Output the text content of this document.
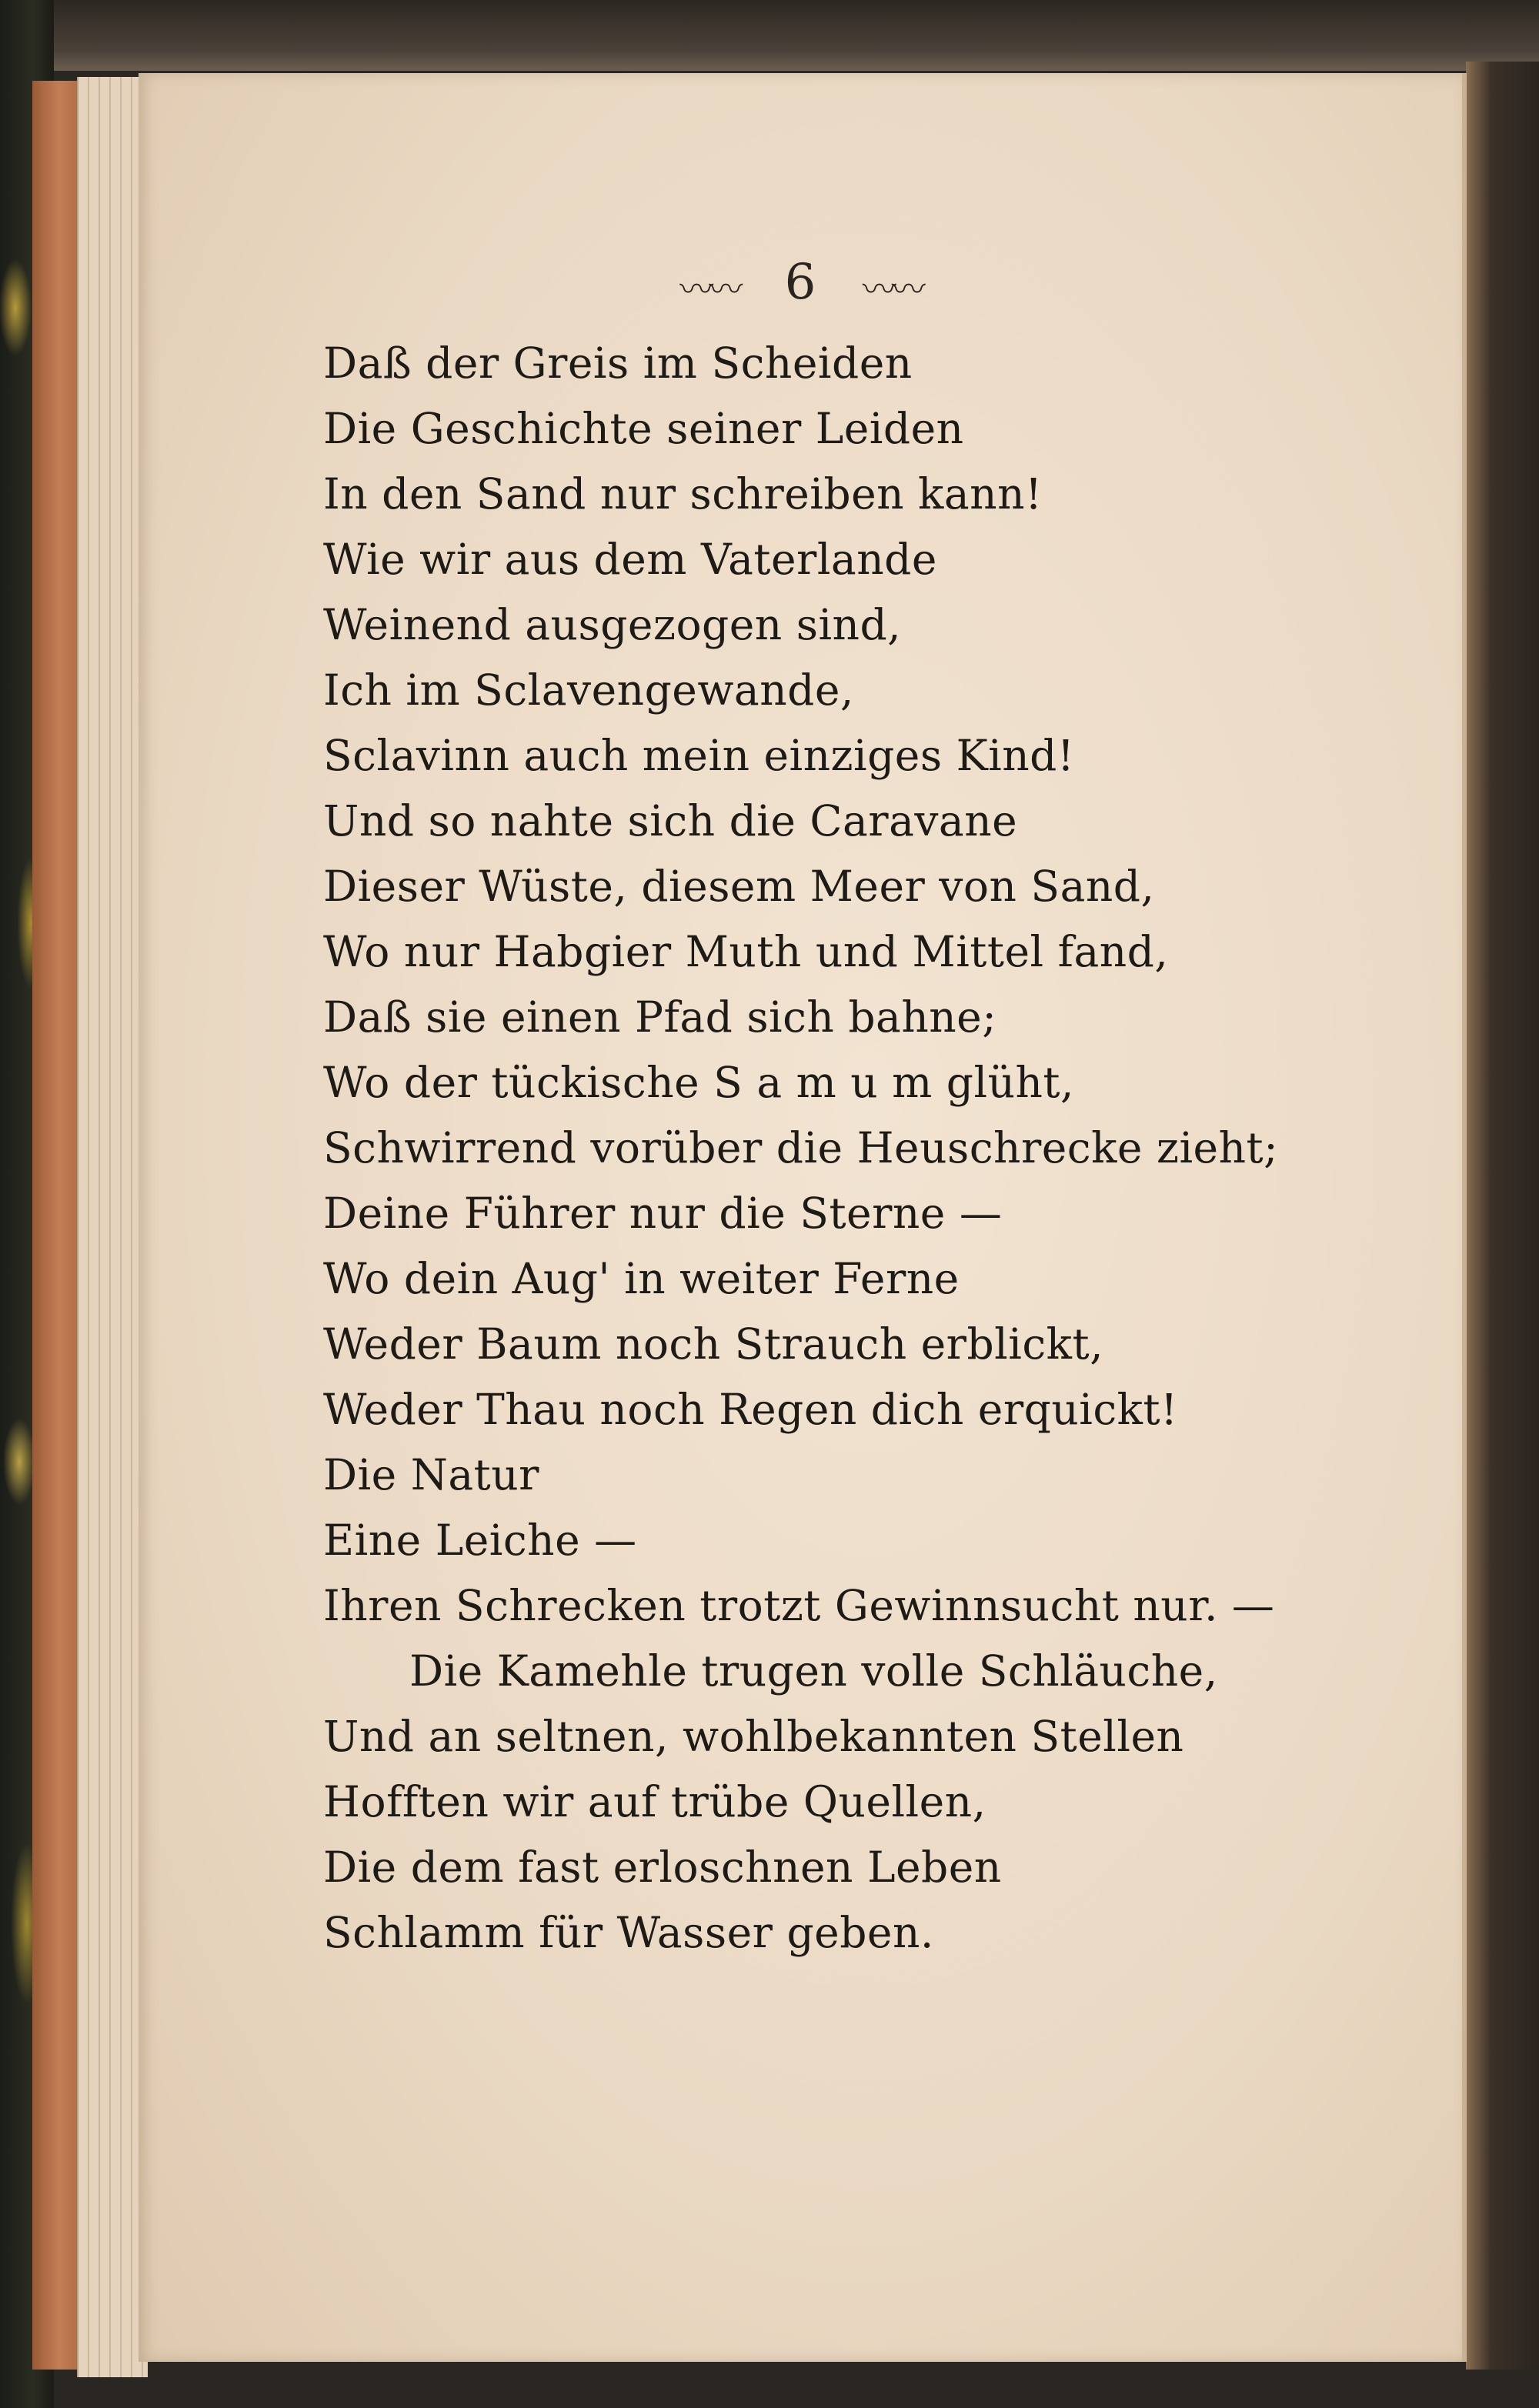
〰〰 6 〰〰
Daß der Greis im Scheiden
Die Geschichte seiner Leiden
In den Sand nur schreiben kann!
Wie wir aus dem Vaterlande
Weinend ausgezogen sind,
Ich im Sclavengewande,
Sclavinn auch mein einziges Kind!
Und so nahte sich die Caravane
Dieser Wüste, diesem Meer von Sand,
Wo nur Habgier Muth und Mittel fand,
Daß sie einen Pfad sich bahne;
Wo der tückische S a m u m glüht,
Schwirrend vorüber die Heuschrecke zieht;
Deine Führer nur die Sterne —
Wo dein Aug' in weiter Ferne
Weder Baum noch Strauch erblickt,
Weder Thau noch Regen dich erquickt!
Die Natur
Eine Leiche —
Ihren Schrecken trotzt Gewinnsucht nur. —
Die Kamehle trugen volle Schläuche,
Und an seltnen, wohlbekannten Stellen
Hofften wir auf trübe Quellen,
Die dem fast erloschnen Leben
Schlamm für Wasser geben.
